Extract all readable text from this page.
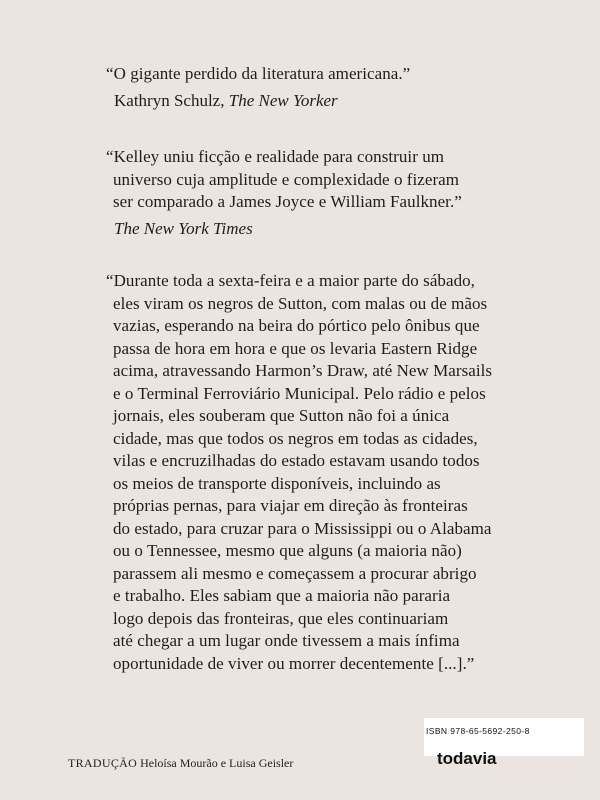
“O gigante perdido da literatura americana.”
Kathryn Schulz, The New Yorker
“Kelley uniu ficção e realidade para construir um
universo cuja amplitude e complexidade o fizeram
ser comparado a James Joyce e William Faulkner.”
The New York Times
“Durante toda a sexta-feira e a maior parte do sábado,
eles viram os negros de Sutton, com malas ou de mãos
vazias, esperando na beira do pórtico pelo ônibus que
passa de hora em hora e que os levaria Eastern Ridge
acima, atravessando Harmon’s Draw, até New Marsails
e o Terminal Ferroviário Municipal. Pelo rádio e pelos
jornais, eles souberam que Sutton não foi a única
cidade, mas que todos os negros em todas as cidades,
vilas e encruzilhadas do estado estavam usando todos
os meios de transporte disponíveis, incluindo as
próprias pernas, para viajar em direção às fronteiras
do estado, para cruzar para o Mississippi ou o Alabama
ou o Tennessee, mesmo que alguns (a maioria não)
parassem ali mesmo e começassem a procurar abrigo
e trabalho. Eles sabiam que a maioria não pararia
logo depois das fronteiras, que eles continuariam
até chegar a um lugar onde tivessem a mais ínfima
oportunidade de viver ou morrer decentemente [...].”
ISBN 978-65-5692-250-8
TRADUÇÃO Heloísa Mourão e Luisa Geisler	todavia
